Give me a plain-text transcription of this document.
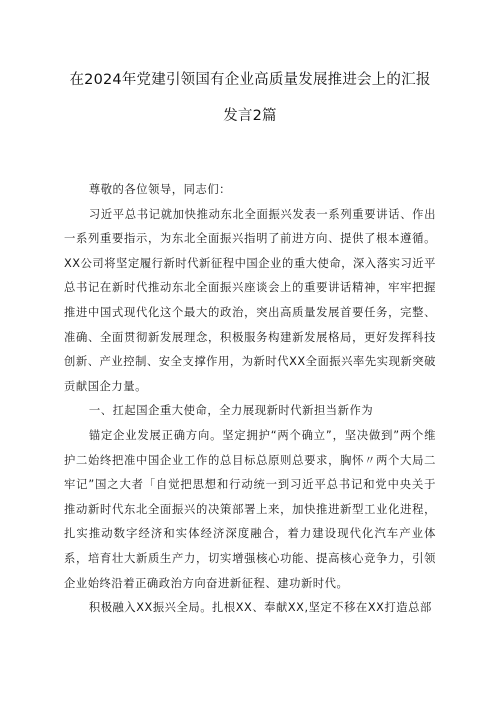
在2024年党建引领国有企业高质量发展推进会上的汇报
发言2篇

尊敬的各位领导，同志们：

习近平总书记就加快推动东北全面振兴发表一系列重要讲话、作出一系列重要指示，为东北全面振兴指明了前进方向、提供了根本遵循。XX公司将坚定履行新时代新征程中国企业的重大使命，深入落实习近平总书记在新时代推动东北全面振兴座谈会上的重要讲话精神，牢牢把握推进中国式现代化这个最大的政治，突出高质量发展首要任务，完整、准确、全面贯彻新发展理念，积极服务构建新发展格局，更好发挥科技创新、产业控制、安全支撑作用，为新时代XX全面振兴率先实现新突破贡献国企力量。

一、扛起国企重大使命，全力展现新时代新担当新作为

锚定企业发展正确方向。坚定拥护“两个确立”，坚决做到”两个维护二始终把准中国企业工作的总目标总原则总要求，胸怀〃两个大局二牢记”国之大者「自觉把思想和行动统一到习近平总书记和党中央关于推动新时代东北全面振兴的决策部署上来，加快推进新型工业化进程，扎实推动数字经济和实体经济深度融合，着力建设现代化汽车产业体系，培育壮大新质生产力，切实增强核心功能、提高核心竞争力，引领企业始终沿着正确政治方向奋进新征程、建功新时代。

积极融入XX振兴全局。扎根XX、奉献XX,坚定不移在XX打造总部
